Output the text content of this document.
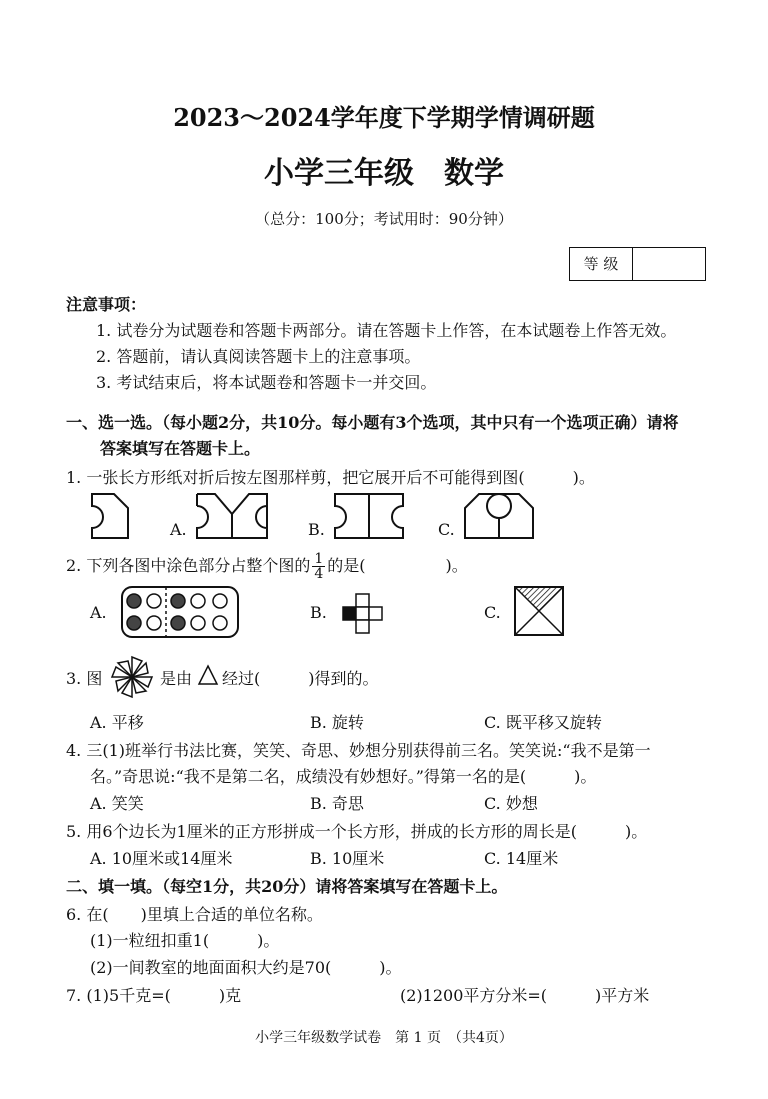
2023～2024学年度下学期学情调研题
小学三年级　数学
（总分：100分；考试用时：90分钟）
等 级
注意事项：
1. 试卷分为试题卷和答题卡两部分。请在答题卡上作答，在本试题卷上作答无效。
2. 答题前，请认真阅读答题卡上的注意事项。
3. 考试结束后，将本试题卷和答题卡一并交回。
一、选一选。（每小题2分，共10分。每小题有3个选项，其中只有一个选项正确）请将
答案填写在答题卡上。
1. 一张长方形纸对折后按左图那样剪，把它展开后不可能得到图(　　　)。
A.	B.	C.
2. 下列各图中涂色部分占整个图的 $\frac{1}{4}$ 的是(　　　　　)。
A.	B.	C.
3. 图	是由 经过(　　　)得到的。
A. 平移	B. 旋转	C. 既平移又旋转
4. 三(1)班举行书法比赛，笑笑、奇思、妙想分别获得前三名。笑笑说:“我不是第一
名。”奇思说:“我不是第二名，成绩没有妙想好。”得第一名的是(　　　)。
A. 笑笑	B. 奇思	C. 妙想
5. 用6个边长为1厘米的正方形拼成一个长方形，拼成的长方形的周长是(　　　)。
A. 10厘米或14厘米	B. 10厘米	C. 14厘米
二、填一填。（每空1分，共20分）请将答案填写在答题卡上。
6. 在(　　)里填上合适的单位名称。
(1)一粒纽扣重1(　　　)。
(2)一间教室的地面面积大约是70(　　　)。
7. (1)5千克=(　　　)克	(2)1200平方分米=(　　　)平方米
小学三年级数学试卷　第 1 页　（共4页）
